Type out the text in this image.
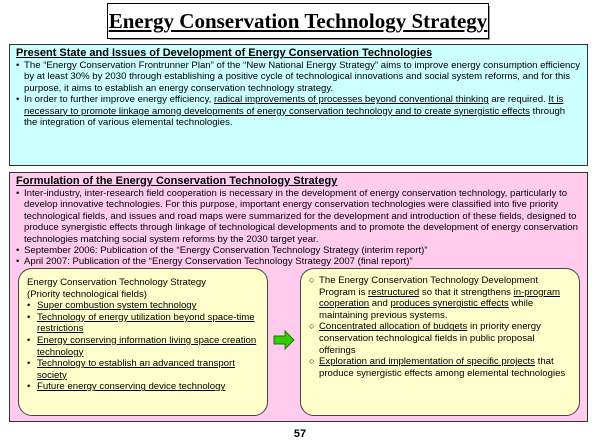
Energy Conservation Technology Strategy
Present State and Issues of Development of Energy Conservation Technologies
• The “Energy Conservation Frontrunner Plan” of the “New National Energy Strategy” aims to improve energy consumption efficiency by at least 30% by 2030 through establishing a positive cycle of technological innovations and social system reforms, and for this purpose, it aims to establish an energy conservation technology strategy.
• In order to further improve energy efficiency, radical improvements of processes beyond conventional thinking are required. It is necessary to promote linkage among developments of energy conservation technology and to create synergistic effects through the integration of various elemental technologies.
Formulation of the Energy Conservation Technology Strategy
• Inter-industry, inter-research field cooperation is necessary in the development of energy conservation technology, particularly to develop innovative technologies. For this purpose, important energy conservation technologies were classified into five priority technological fields, and issues and road maps were summarized for the development and introduction of these fields, designed to produce synergistic effects through linkage of technological developments and to promote the development of energy conservation technologies matching social system reforms by the 2030 target year.
• September 2006: Publication of the “Energy Conservation Technology Strategy (interim report)”
• April 2007: Publication of the “Energy Conservation Technology Strategy 2007 (final report)”
Energy Conservation Technology Strategy
(Priority technological fields)
• Super combustion system technology
• Technology of energy utilization beyond space-time restrictions
• Energy conserving information living space creation technology
• Technology to establish an advanced transport society
• Future energy conserving device technology
○ The Energy Conservation Technology Development Program is restructured so that it strengthens in-program cooperation and produces synergistic effects while maintaining previous systems.
○ Concentrated allocation of budgets in priority energy conservation technological fields in public proposal offerings
○ Exploration and implementation of specific projects that produce synergistic effects among elemental technologies
57
